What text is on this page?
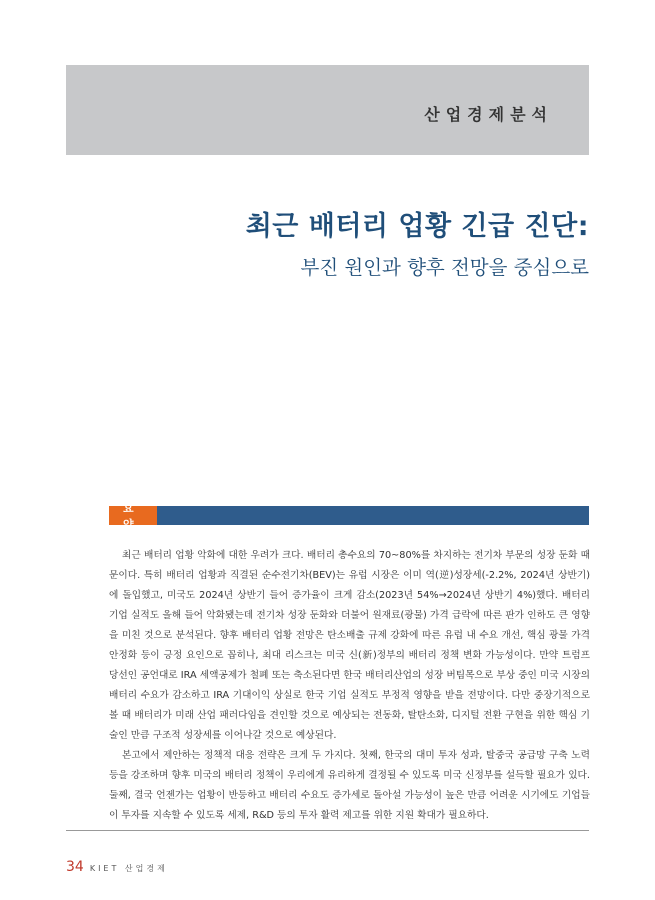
산업경제분석
최근 배터리 업황 긴급 진단:
부진 원인과 향후 전망을 중심으로
요약

최근 배터리 업황 악화에 대한 우려가 크다. 배터리 총수요의 70~80%를 차지하는 전기차 부문의 성장 둔화 때문이다. 특히 배터리 업황과 직결된 순수전기차(BEV)는 유럽 시장은 이미 역(逆)성장세(-2.2%, 2024년 상반기)에 돌입했고, 미국도 2024년 상반기 들어 증가율이 크게 감소(2023년 54%→2024년 상반기 4%)했다. 배터리 기업 실적도 올해 들어 악화됐는데 전기차 성장 둔화와 더불어 원재료(광물) 가격 급락에 따른 판가 인하도 큰 영향을 미친 것으로 분석된다. 향후 배터리 업황 전망은 탄소배출 규제 강화에 따른 유럽 내 수요 개선, 핵심 광물 가격 안정화 등이 긍정 요인으로 꼽히나, 최대 리스크는 미국 신(新)정부의 배터리 정책 변화 가능성이다. 만약 트럼프 당선인 공언대로 IRA 세액공제가 철폐 또는 축소된다면 한국 배터리산업의 성장 버팀목으로 부상 중인 미국 시장의 배터리 수요가 감소하고 IRA 기대이익 상실로 한국 기업 실적도 부정적 영향을 받을 전망이다. 다만 중장기적으로 볼 때 배터리가 미래 산업 패러다임을 견인할 것으로 예상되는 전동화, 탈탄소화, 디지털 전환 구현을 위한 핵심 기술인 만큼 구조적 성장세를 이어나갈 것으로 예상된다.

본고에서 제안하는 정책적 대응 전략은 크게 두 가지다. 첫째, 한국의 대미 투자 성과, 탈중국 공급망 구축 노력 등을 강조하며 향후 미국의 배터리 정책이 우리에게 유리하게 결정될 수 있도록 미국 신정부를 설득할 필요가 있다. 둘째, 결국 언젠가는 업황이 반등하고 배터리 수요도 증가세로 돌아설 가능성이 높은 만큼 어려운 시기에도 기업들이 투자를 지속할 수 있도록 세제, R&D 등의 투자 활력 제고를 위한 지원 확대가 필요하다.

34 KIET 산업경제
